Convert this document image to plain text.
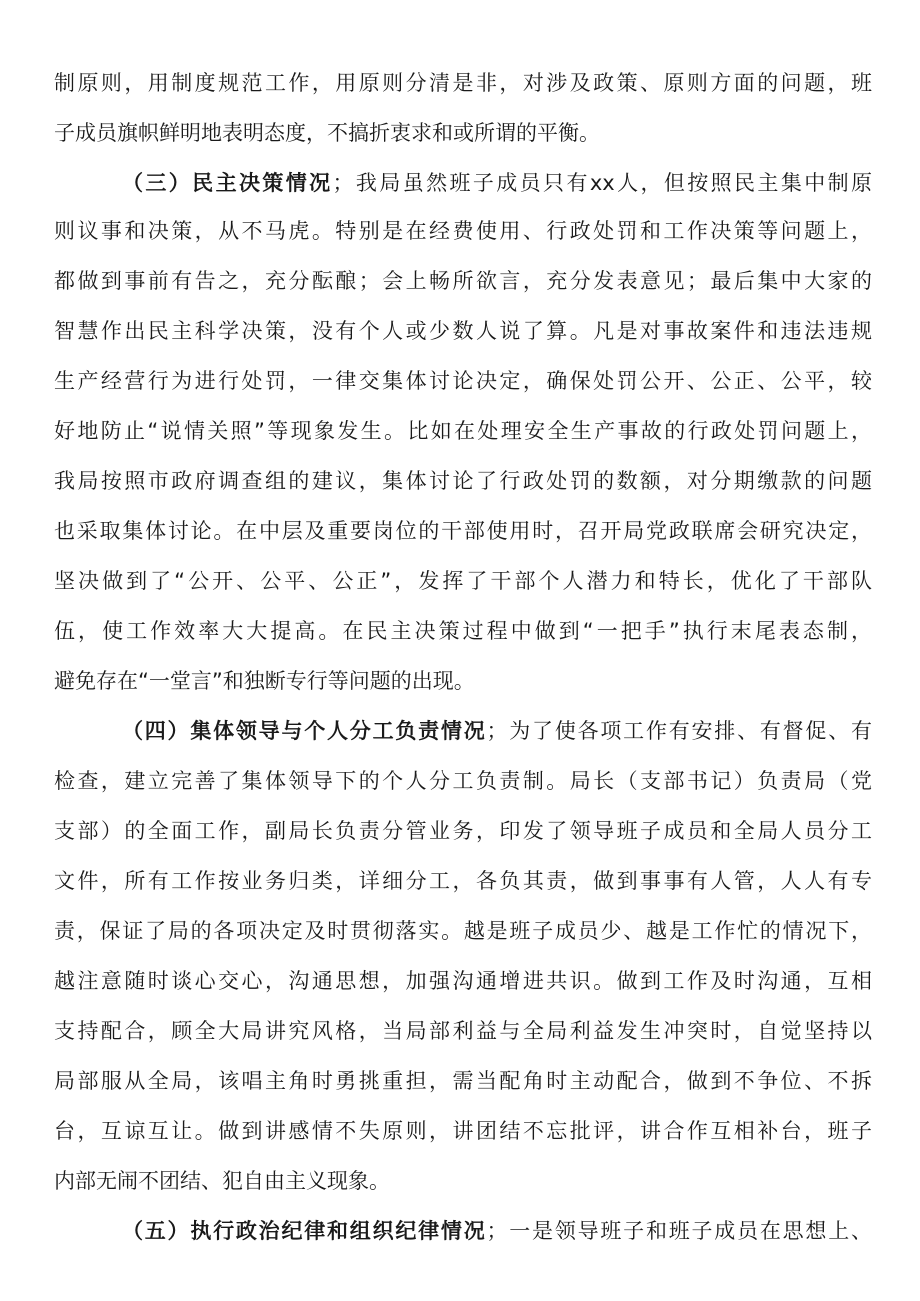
制原则，用制度规范工作，用原则分清是非，对涉及政策、原则方面的问题，班
子成员旗帜鲜明地表明态度，不搞折衷求和或所谓的平衡。
（三）民主决策情况；我局虽然班子成员只有xx人，但按照民主集中制原
则议事和决策，从不马虎。特别是在经费使用、行政处罚和工作决策等问题上，
都做到事前有告之，充分酝酿；会上畅所欲言，充分发表意见；最后集中大家的
智慧作出民主科学决策，没有个人或少数人说了算。凡是对事故案件和违法违规
生产经营行为进行处罚，一律交集体讨论决定，确保处罚公开、公正、公平，较
好地防止“说情关照”等现象发生。比如在处理安全生产事故的行政处罚问题上，
我局按照市政府调查组的建议，集体讨论了行政处罚的数额，对分期缴款的问题
也采取集体讨论。在中层及重要岗位的干部使用时，召开局党政联席会研究决定，
坚决做到了“公开、公平、公正”，发挥了干部个人潜力和特长，优化了干部队
伍，使工作效率大大提高。在民主决策过程中做到“一把手”执行末尾表态制，
避免存在“一堂言”和独断专行等问题的出现。
（四）集体领导与个人分工负责情况；为了使各项工作有安排、有督促、有
检查，建立完善了集体领导下的个人分工负责制。局长（支部书记）负责局（党
支部）的全面工作，副局长负责分管业务，印发了领导班子成员和全局人员分工
文件，所有工作按业务归类，详细分工，各负其责，做到事事有人管，人人有专
责，保证了局的各项决定及时贯彻落实。越是班子成员少、越是工作忙的情况下，
越注意随时谈心交心，沟通思想，加强沟通增进共识。做到工作及时沟通，互相
支持配合，顾全大局讲究风格，当局部利益与全局利益发生冲突时，自觉坚持以
局部服从全局，该唱主角时勇挑重担，需当配角时主动配合，做到不争位、不拆
台，互谅互让。做到讲感情不失原则，讲团结不忘批评，讲合作互相补台，班子
内部无闹不团结、犯自由主义现象。
（五）执行政治纪律和组织纪律情况；一是领导班子和班子成员在思想上、
